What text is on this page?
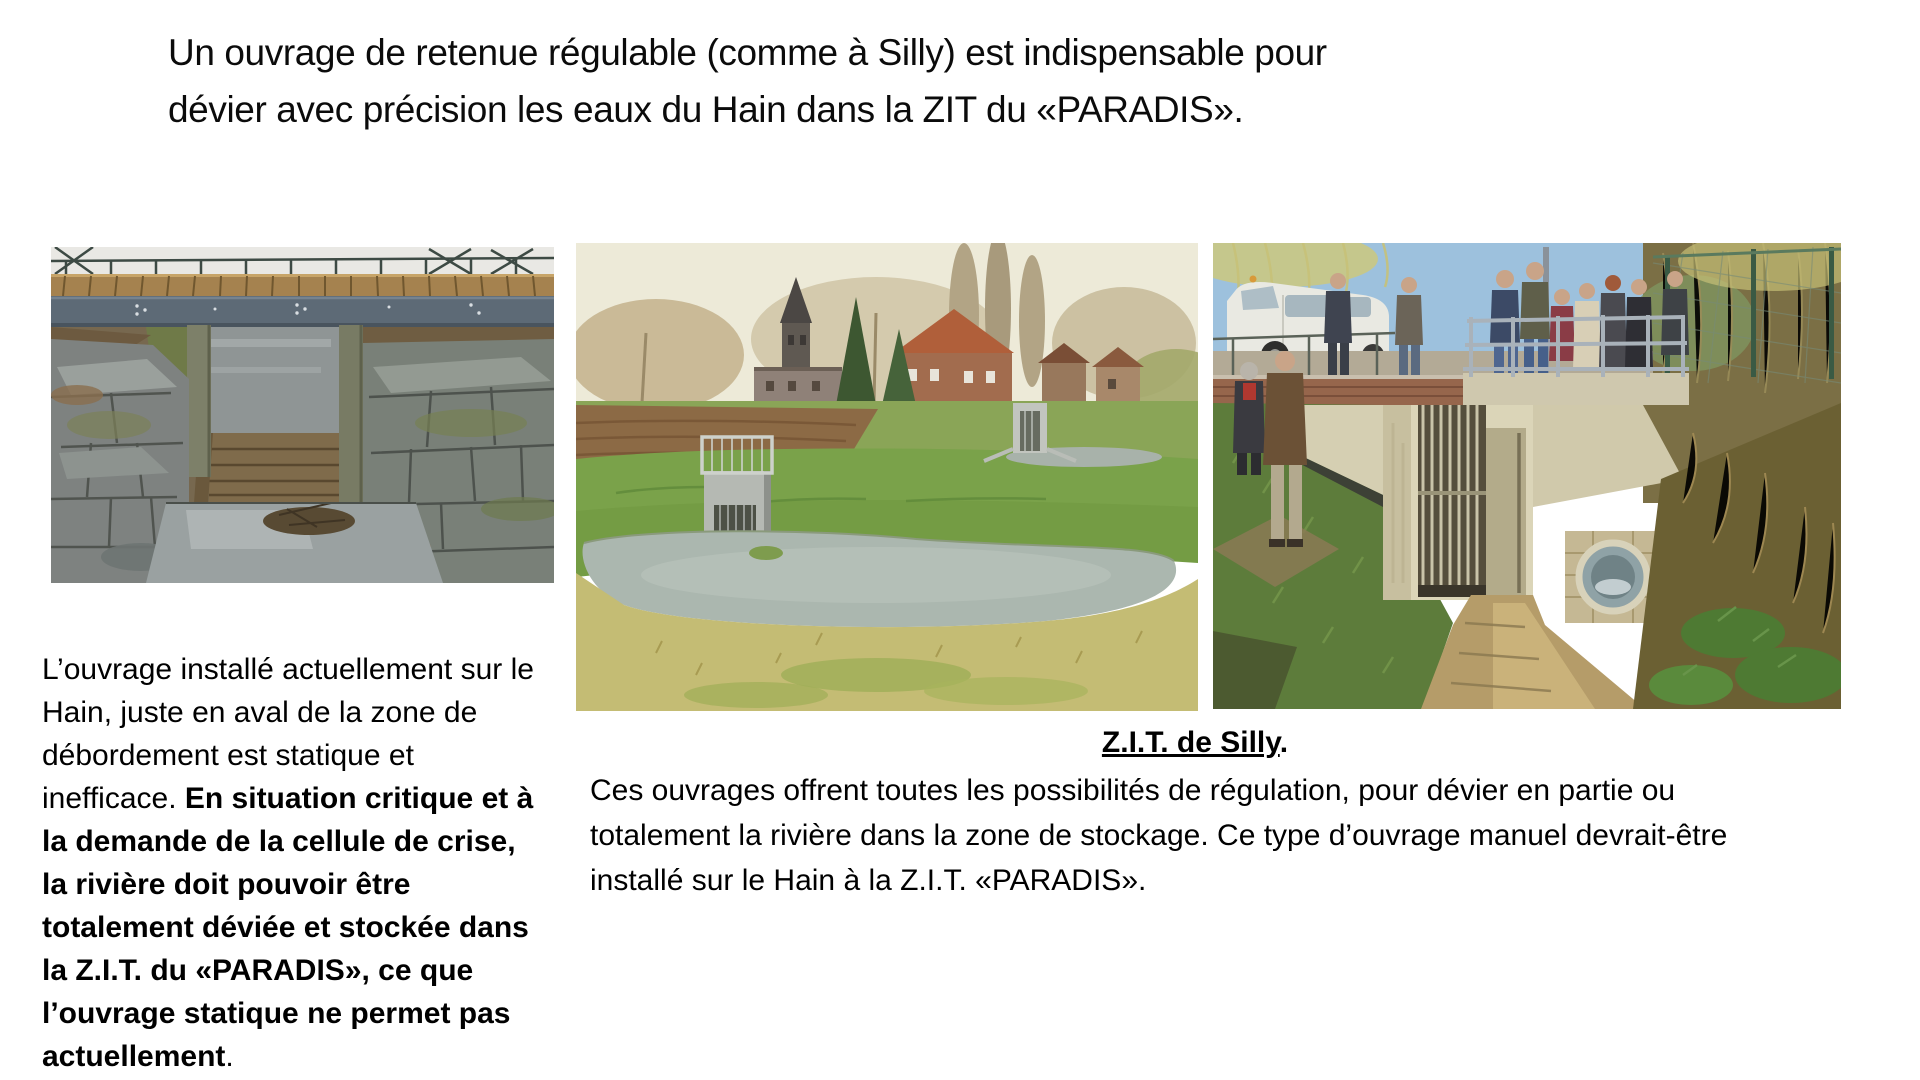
Un ouvrage de retenue régulable (comme à Silly) est indispensable pour
dévier avec précision les eaux du Hain dans la ZIT du «PARADIS».

L’ouvrage installé actuellement sur le Hain, juste en aval de la zone de débordement est statique et inefficace. En situation critique et à la demande de la cellule de crise, la rivière doit pouvoir être totalement déviée et stockée dans la Z.I.T. du «PARADIS», ce que l’ouvrage statique ne permet pas actuellement.

Z.I.T. de Silly.

Ces ouvrages offrent toutes les possibilités de régulation, pour dévier en partie ou totalement la rivière dans la zone de stockage. Ce type d’ouvrage manuel devrait-être installé sur le Hain à la Z.I.T. «PARADIS».
